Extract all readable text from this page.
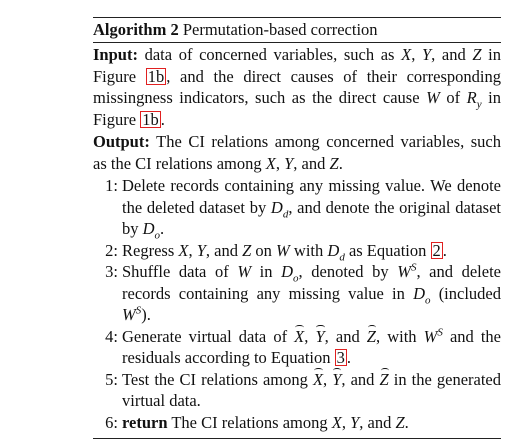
Algorithm 2 Permutation-based correction
Input: data of concerned variables, such as X, Y, and Z in Figure 1b , and the direct causes of their corresponding missingness indicators, such as the direct cause W of $R_y$ in Figure 1b .
Output: The CI relations among concerned variables, such as the CI relations among X, Y, and Z.
1: Delete records containing any missing value. We denote the deleted dataset by $D_d$, and denote the original dataset by $D_o$.
2: Regress X, Y, and Z on W with $D_d$ as Equation 2 .
3: Shuffle data of W in $D_o$, denoted by $W^S$, and delete records containing any missing value in $D_o$ (included $W^S$).
4: Generate virtual data of X, Y, and Z, with $W^S$ and the residuals according to Equation 3 .
5: Test the CI relations among X, Y, and Z in the generated virtual data.
6: return The CI relations among X, Y, and Z.
